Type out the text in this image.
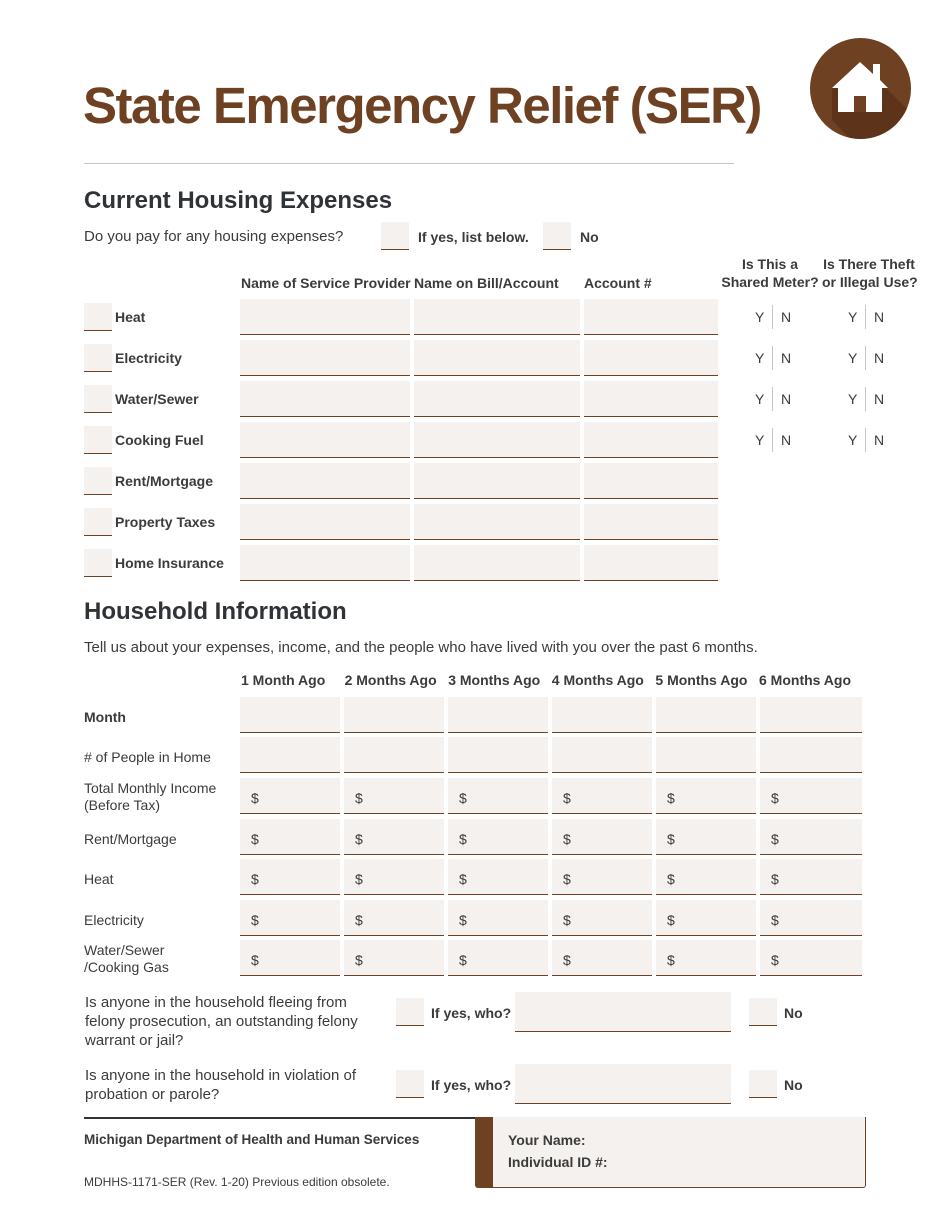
State Emergency Relief (SER)
Current Housing Expenses
Do you pay for any housing expenses?	If yes, list below.	No
Name of Service Provider Name on Bill/Account Account #
Is This a
Shared Meter?
Is There Theft
or Illegal Use?
Heat	Y N	Y N
Electricity	Y N	Y N
Water/Sewer	Y N	Y N
Cooking Fuel	Y N	Y N
Rent/Mortgage
Property Taxes
Home Insurance
Household Information
Tell us about your expenses, income, and the people who have lived with you over the past 6 months.
1 Month Ago 2 Months Ago 3 Months Ago 4 Months Ago 5 Months Ago 6 Months Ago
Month
# of People in Home
Total Monthly Income
(Before Tax)	$	$	$	$	$	$
Rent/Mortgage	$	$	$	$	$	$
Heat	$	$	$	$	$	$
Electricity	$	$	$	$	$	$
Water/Sewer
/Cooking Gas	$	$	$	$	$	$
Is anyone in the household fleeing from
felony prosecution, an outstanding felony
warrant or jail?
If yes, who?	No
Is anyone in the household in violation of
probation or parole?
If yes, who?	No
Michigan Department of Health and Human Services
MDHHS-1171-SER (Rev. 1-20) Previous edition obsolete.
Your Name:
Individual ID #:
